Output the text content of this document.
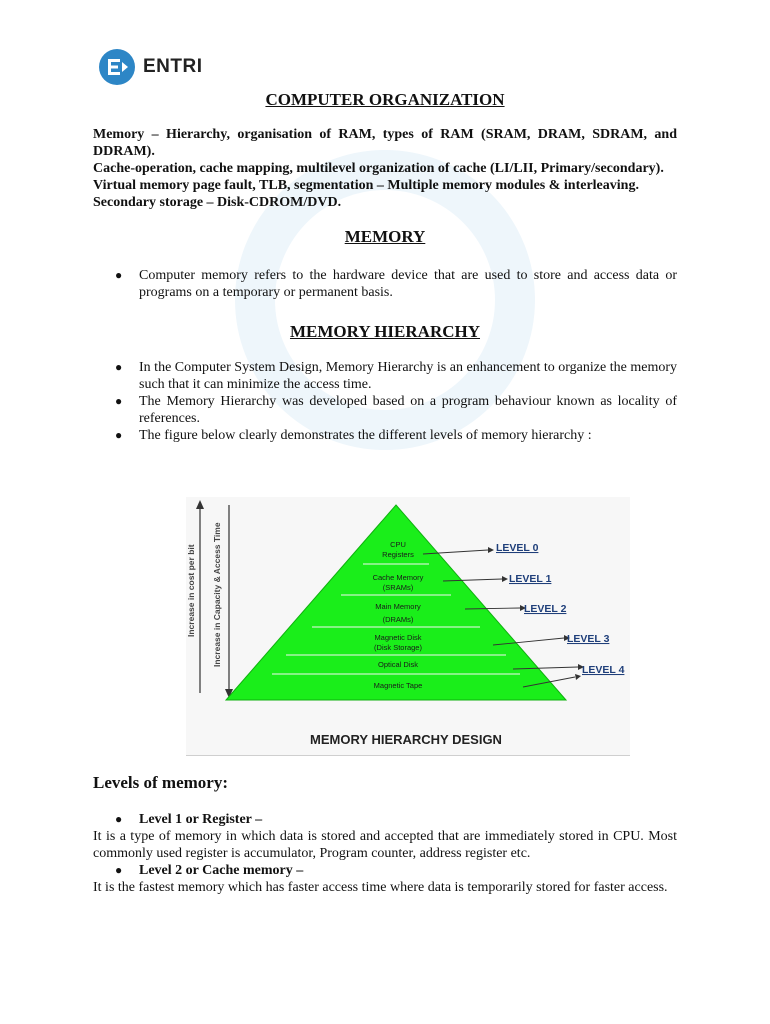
ENTRI
COMPUTER ORGANIZATION

Memory – Hierarchy, organisation of RAM, types of RAM (SRAM, DRAM, SDRAM, and DDRAM).

Cache-operation, cache mapping, multilevel organization of cache (LI/LII, Primary/secondary).

Virtual memory page fault, TLB, segmentation – Multiple memory modules & interleaving.

Secondary storage – Disk-CDROM/DVD.

MEMORY
● Computer memory refers to the hardware device that are used to store and access data or programs on a temporary or permanent basis.
MEMORY HIERARCHY
● In the Computer System Design, Memory Hierarchy is an enhancement to organize the memory such that it can minimize the access time.
● The Memory Hierarchy was developed based on a program behaviour known as locality of references.
● The figure below clearly demonstrates the different levels of memory hierarchy :
Increase in cost per bit Increase in Capacity & Access Time	CPU
Registers
Cache Memory
(SRAMs)
Main Memory
(DRAMs)
Magnetic Disk
(Disk Storage)
Optical Disk
Magnetic Tape
LEVEL 0
LEVEL 1
LEVEL 2
LEVEL 3
LEVEL 4
MEMORY HIERARCHY DESIGN
Levels of memory:
● Level 1 or Register –
It is a type of memory in which data is stored and accepted that are immediately stored in CPU. Most commonly used register is accumulator, Program counter, address register etc.
● Level 2 or Cache memory –
It is the fastest memory which has faster access time where data is temporarily stored for faster access.
